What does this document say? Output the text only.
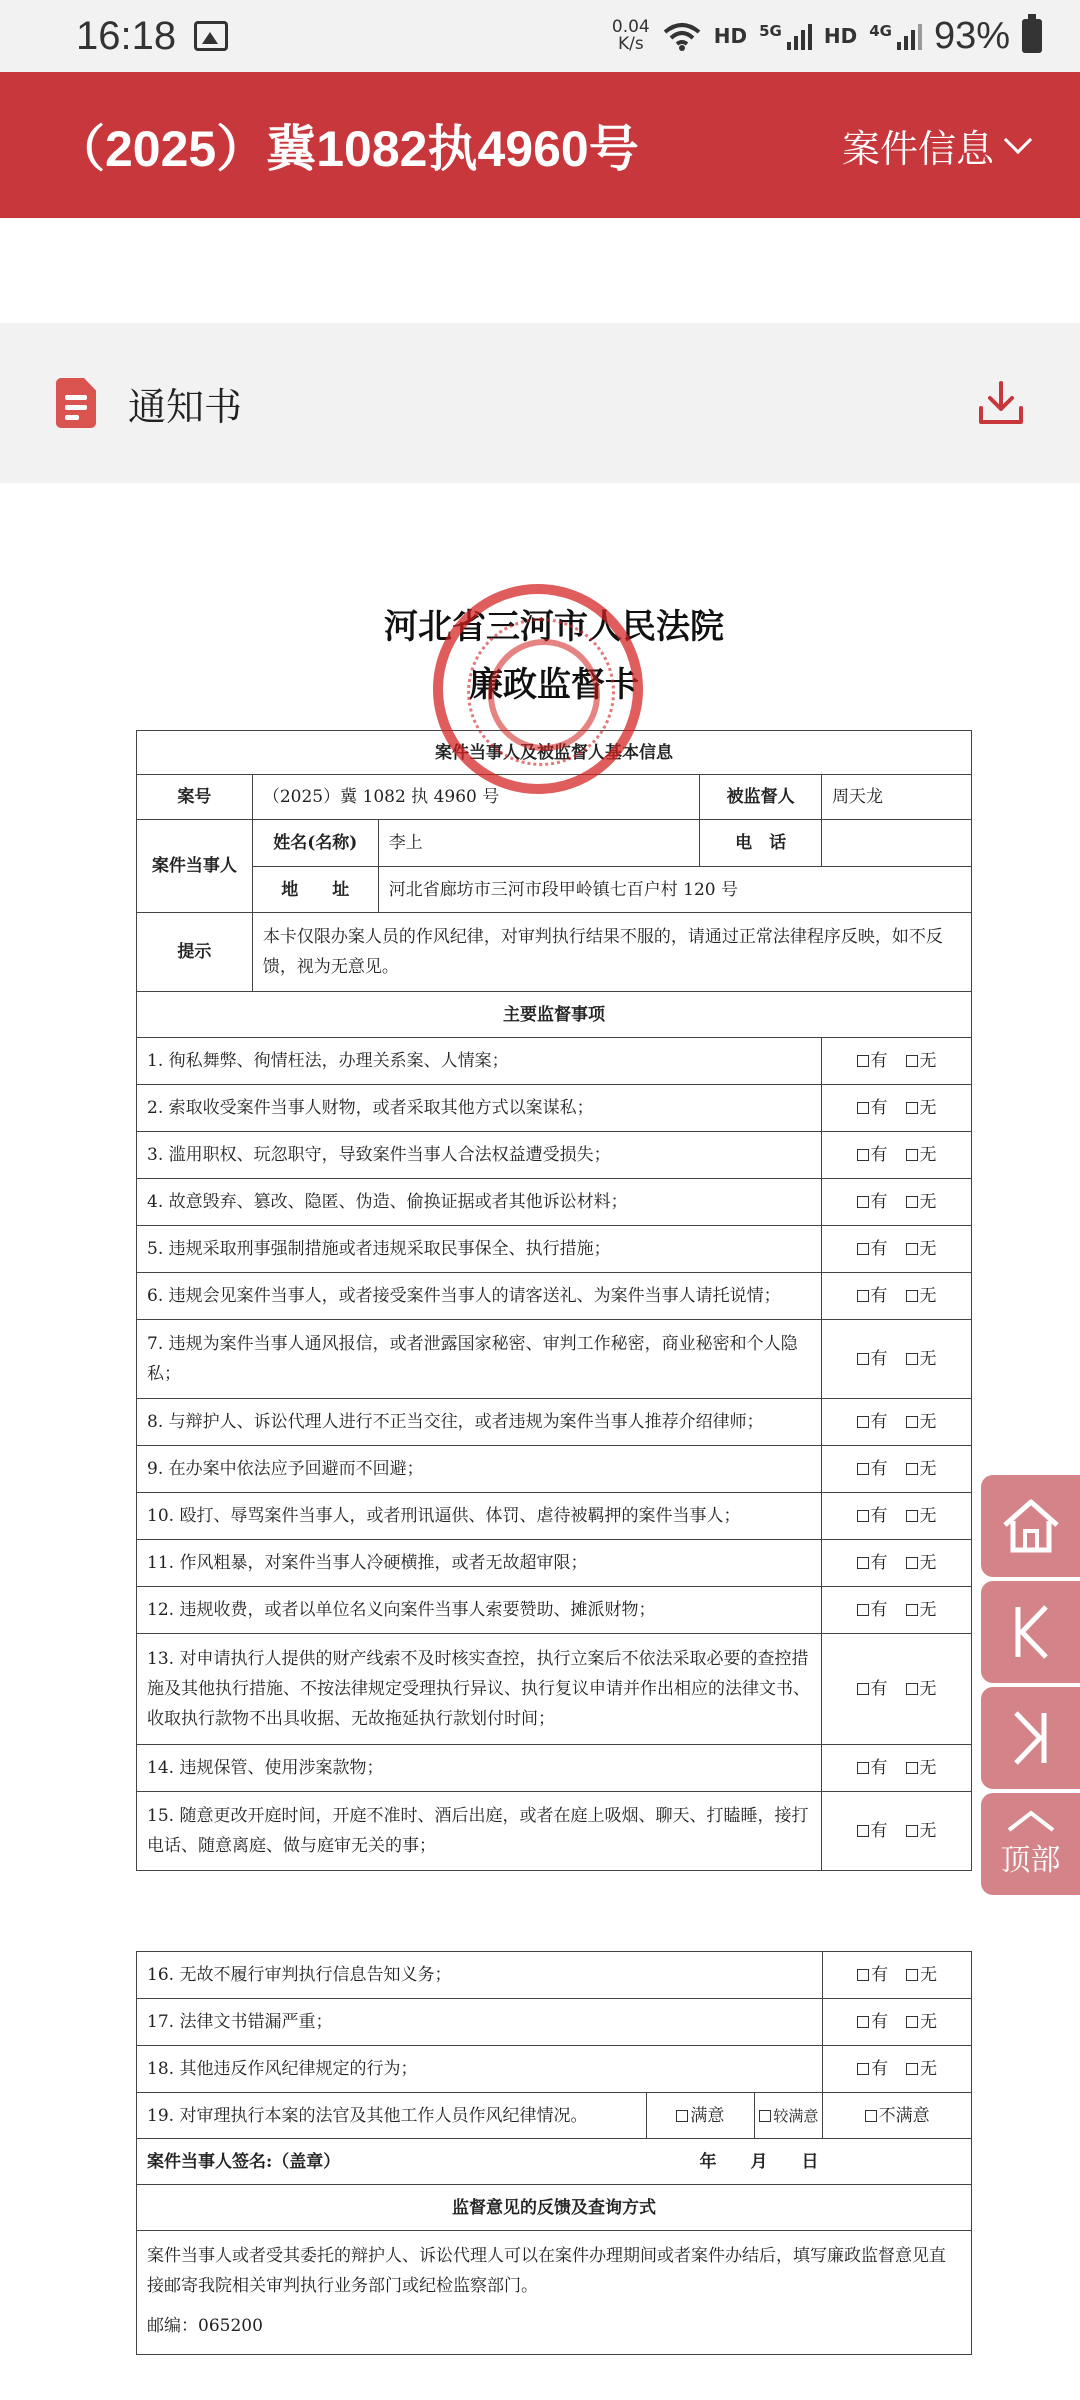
16:18	0.04
K/s	HD 5G HD 4G 93%
（2025）冀1082执4960号	案件信息
通知书
河北省三河市人民法院
廉政监督卡
案件当事人及被监督人基本信息				
案号	（2025）冀 1082 执 4960 号		被监督人	周天龙
案件当事人	姓名(名称)	李上	电　话	
	地　　址	河北省廊坊市三河市段甲岭镇七百户村 120 号		
提示	本卡仅限办案人员的作风纪律，对审判执行结果不服的，请通过正常法律程序反映，如不反馈，视为无意见。			
主要监督事项				
1. 徇私舞弊、徇情枉法，办理关系案、人情案；				有 无
2. 索取收受案件当事人财物，或者采取其他方式以案谋私；				有 无
3. 滥用职权、玩忽职守，导致案件当事人合法权益遭受损失；				有 无
4. 故意毁弃、篡改、隐匿、伪造、偷换证据或者其他诉讼材料；				有 无
5. 违规采取刑事强制措施或者违规采取民事保全、执行措施；				有 无
6. 违规会见案件当事人，或者接受案件当事人的请客送礼、为案件当事人请托说情；				有 无
7. 违规为案件当事人通风报信，或者泄露国家秘密、审判工作秘密，商业秘密和个人隐私；				有 无
8. 与辩护人、诉讼代理人进行不正当交往，或者违规为案件当事人推荐介绍律师；				有 无
9. 在办案中依法应予回避而不回避；				有 无
10. 殴打、辱骂案件当事人，或者刑讯逼供、体罚、虐待被羁押的案件当事人；				有 无
11. 作风粗暴，对案件当事人冷硬横推，或者无故超审限；				有 无
12. 违规收费，或者以单位名义向案件当事人索要赞助、摊派财物；				有 无
13. 对申请执行人提供的财产线索不及时核实查控，执行立案后不依法采取必要的查控措施及其他执行措施、不按法律规定受理执行异议、执行复议申请并作出相应的法律文书、收取执行款物不出具收据、无故拖延执行款划付时间；				有 无
14. 违规保管、使用涉案款物；				有 无
15. 随意更改开庭时间，开庭不准时、酒后出庭，或者在庭上吸烟、聊天、打瞌睡，接打电话、随意离庭、做与庭审无关的事；				有 无
16. 无故不履行审判执行信息告知义务；				有 无
17. 法律文书错漏严重；				有 无
18. 其他违反作风纪律规定的行为；				有 无
19. 对审理执行本案的法官及其他工作人员作风纪律情况。	满意		较满意	不满意
案件当事人签名:（盖章）		年　　月　　日		
监督意见的反馈及查询方式				

案件当事人或者受其委托的辩护人、诉讼代理人可以在案件办理期间或者案件办结后，填写廉政监督意见直接邮寄我院相关审判执行业务部门或纪检监察部门。
邮编：065200				
顶部
